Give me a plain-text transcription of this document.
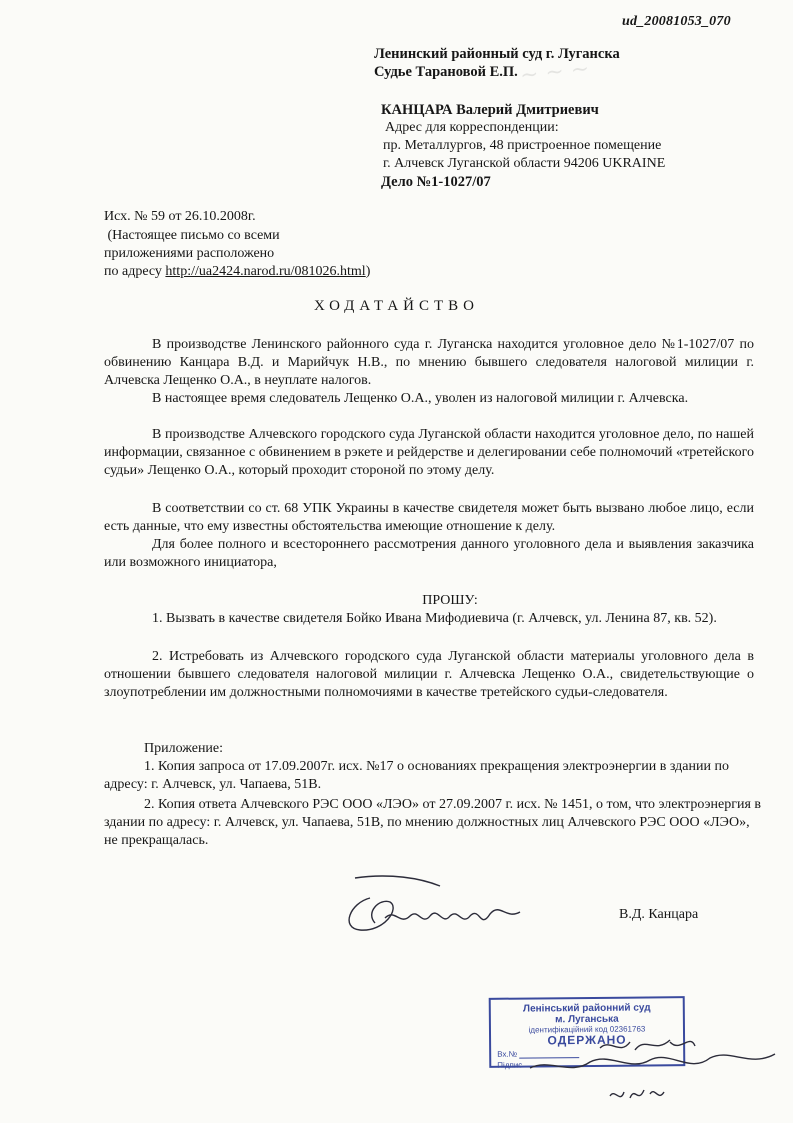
~ ~ ~
ud_20081053_070
Ленинский районный суд г. Луганска
Судье Тарановой Е.П.
КАНЦАРА Валерий Дмитриевич
Адрес для корреспонденции:
пр. Металлургов, 48 пристроенное помещение
г. Алчевск Луганской области 94206 UKRAINE
Дело №1-1027/07
Исх. № 59 от 26.10.2008г.
(Настоящее письмо со всеми
приложениями расположено
по адресу http://ua2424.narod.ru/081026.html)
ХОДАТАЙСТВО

В производстве Ленинского районного суда г. Луганска находится уголовное дело №1-1027/07 по обвинению Канцара В.Д. и Марийчук Н.В., по мнению бывшего следователя налоговой милиции г. Алчевска Лещенко О.А., в неуплате налогов.

В настоящее время следователь Лещенко О.А., уволен из налоговой милиции г. Алчевска.

В производстве Алчевского городского суда Луганской области находится уголовное дело, по нашей информации, связанное с обвинением в рэкете и рейдерстве и делегировании себе полномочий «третейского судьи» Лещенко О.А., который проходит стороной по этому делу.

В соответствии со ст. 68 УПК Украины в качестве свидетеля может быть вызвано любое лицо, если есть данные, что ему известны обстоятельства имеющие отношение к делу.

Для более полного и всестороннего рассмотрения данного уголовного дела и выявления заказчика или возможного инициатора,

ПРОШУ:

1. Вызвать в качестве свидетеля Бойко Ивана Мифодиевича (г. Алчевск, ул. Ленина 87, кв. 52).

2. Истребовать из Алчевского городского суда Луганской области материалы уголовного дела в отношении бывшего следователя налоговой милиции г. Алчевска Лещенко О.А., свидетельствующие о злоупотреблении им должностными полномочиями в качестве третейского судьи-следователя.

Приложение:

1. Копия запроса от 17.09.2007г. исх. №17 о основаниях прекращения электроэнергии в здании по адресу: г. Алчевск, ул. Чапаева, 51В.

2. Копия ответа Алчевского РЭС ООО «ЛЭО» от 27.09.2007 г. исх. № 1451, о том, что электроэнергия в здании по адресу: г. Алчевск, ул. Чапаева, 51В, по мнению должностных лиц Алчевского РЭС ООО «ЛЭО», не прекращалась.

В.Д. Канцара
Ленінський районний суд
м. Луганська
ідентифікаційний код 02361763
ОДЕРЖАНО
Вх.№
Підпис
